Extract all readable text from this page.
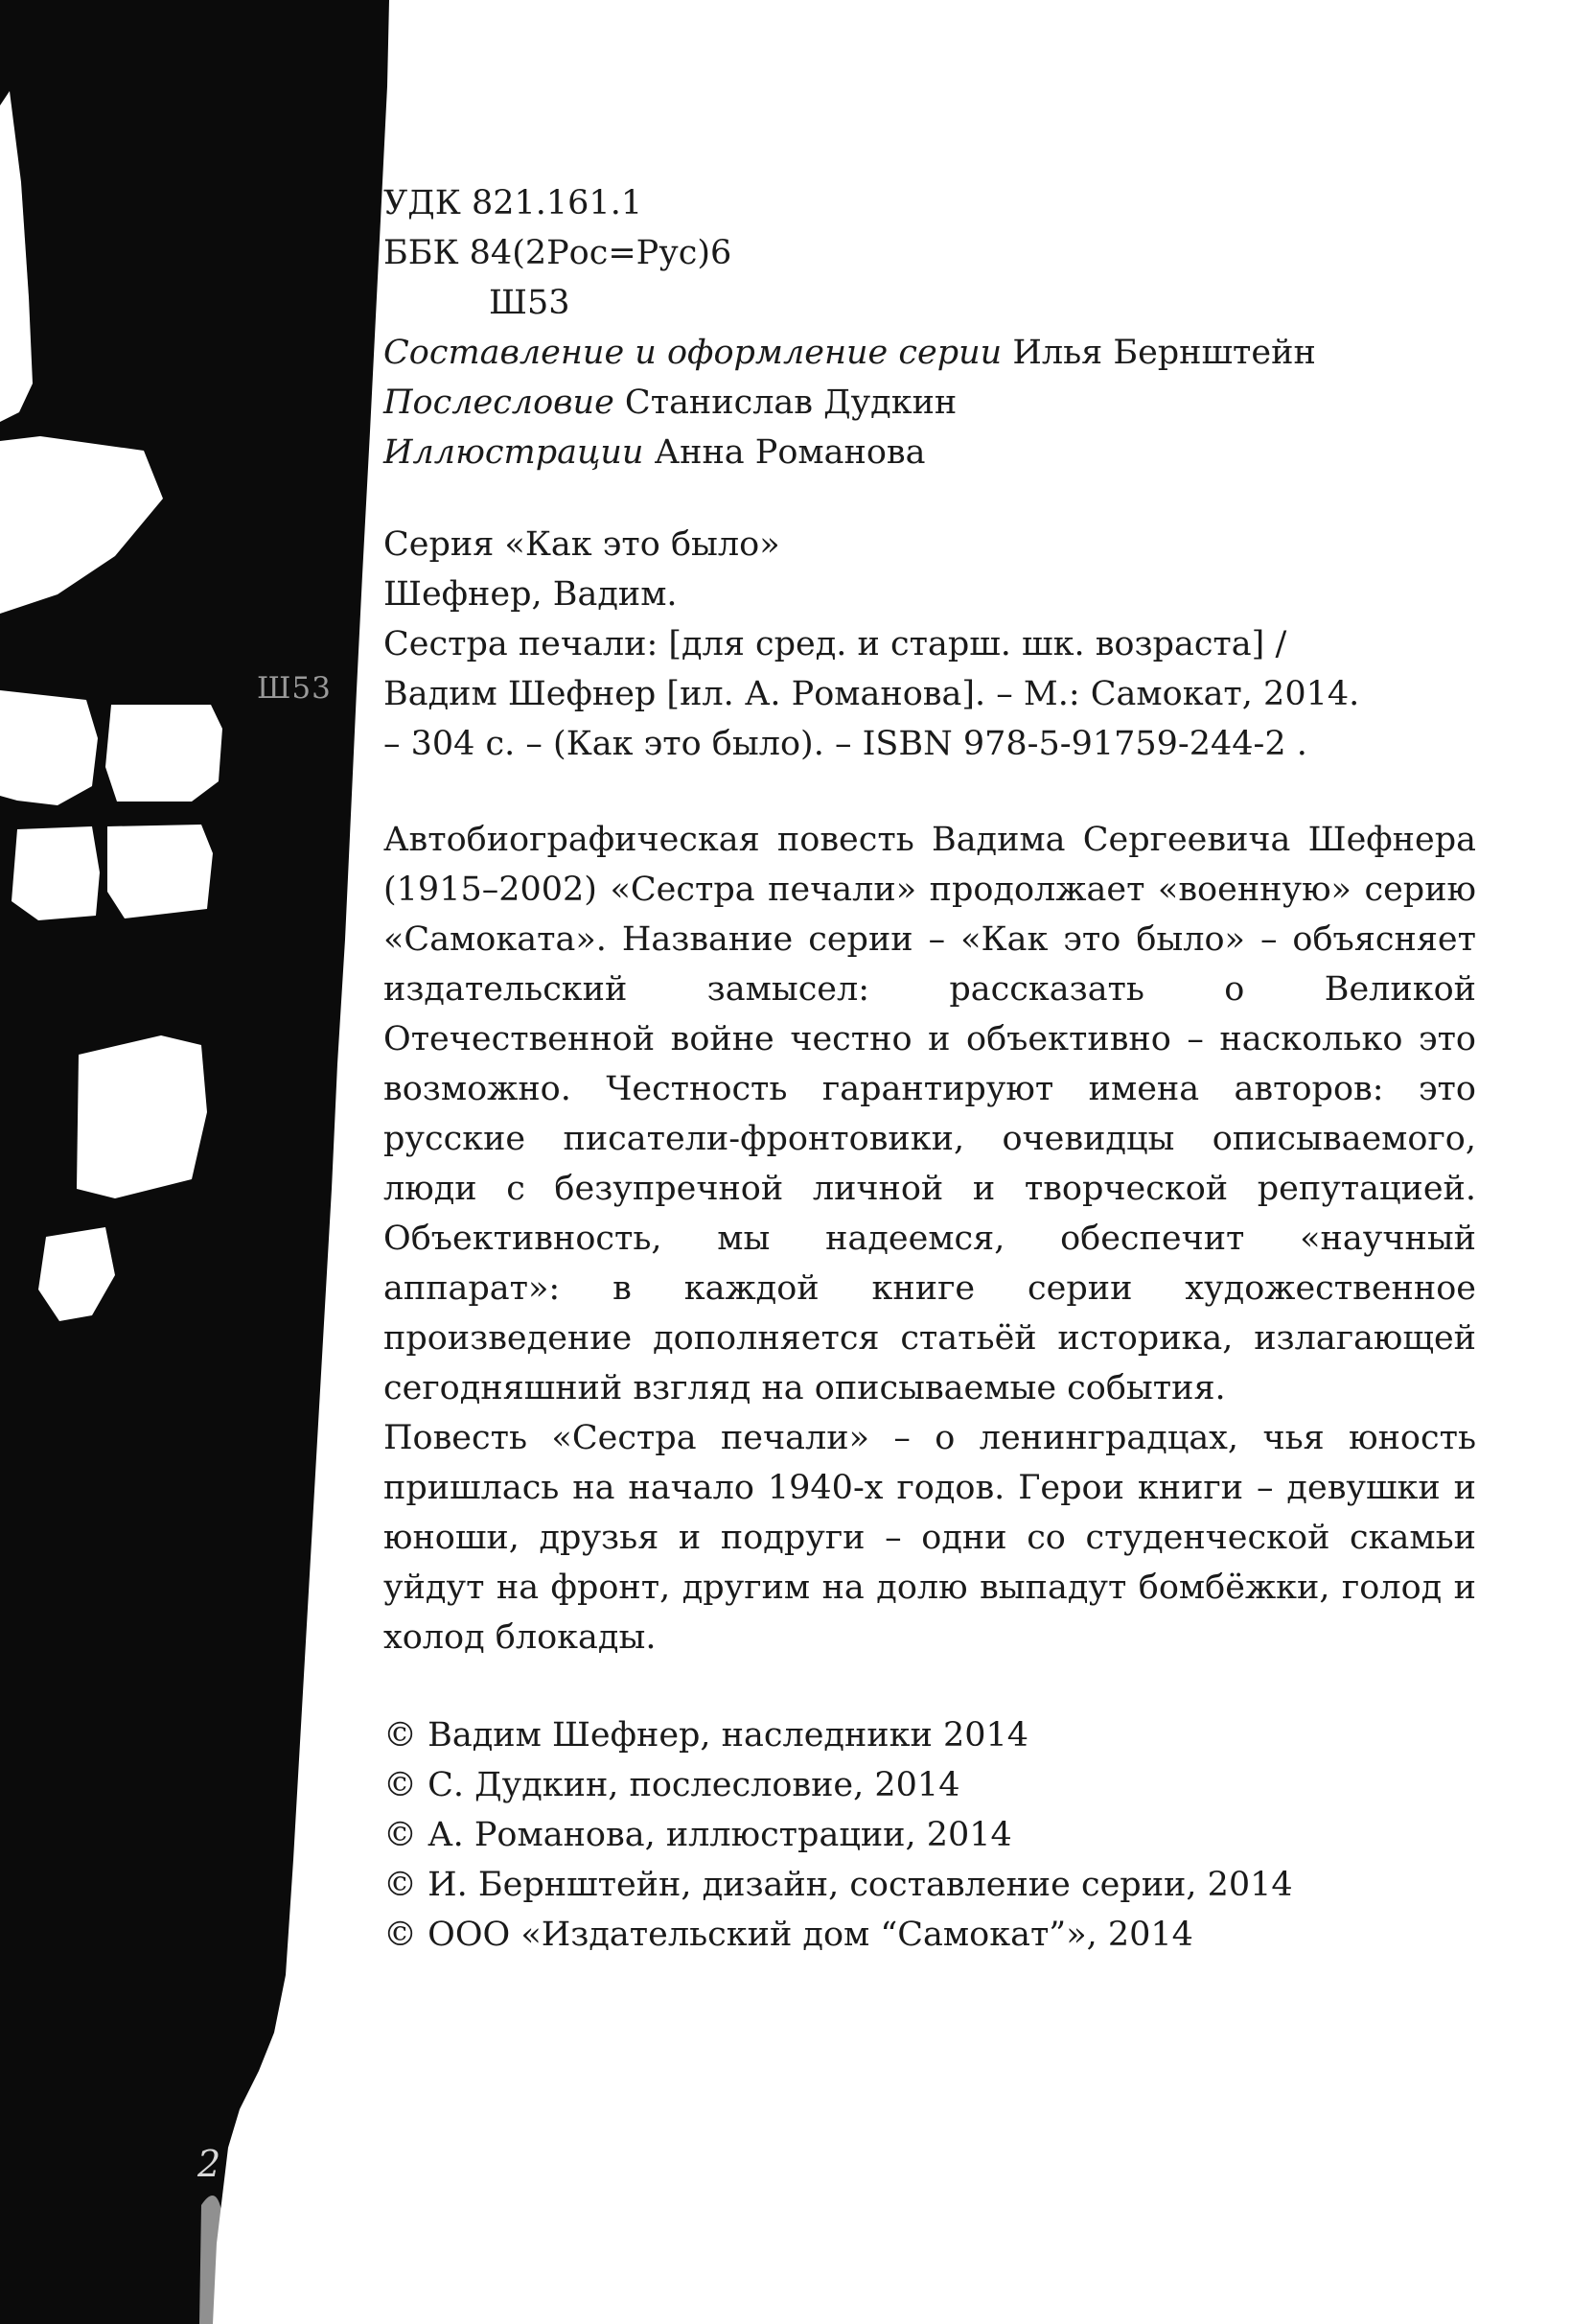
Ш53
УДК 821.161.1
ББК 84(2Рос=Рус)6
Ш53
Составление и оформление серии Илья Бернштейн
Послесловие Станислав Дудкин
Иллюстрации Анна Романова
Серия «Как это было»
Шефнер, Вадим.
Сестра печали: [для сред. и старш. шк. возраста] /
Вадим Шефнер [ил. А. Романова]. – М.: Самокат, 2014.
– 304 с. – (Как это было). – ISBN 978-5-91759-244-2 .
Автобиографическая повесть Вадима Сергеевича Шефнера (1915–2002) «Сестра печали» продолжает «военную» серию «Самоката». Название серии – «Как это было» – объясняет издательский замысел: рассказать о Великой Отечественной войне честно и объективно – насколько это возможно. Честность гарантируют имена авторов: это русские писатели-фронтовики, очевидцы описываемого, люди с безупречной личной и творческой репутацией. Объективность, мы надеемся, обеспечит «научный аппарат»: в каждой книге серии художественное произведение дополняется статьёй историка, излагающей сегодняшний взгляд на описываемые события.
Повесть «Сестра печали» – о ленинградцах, чья юность пришлась на начало 1940-х годов. Герои книги – девушки и юноши, друзья и подруги – одни со студенческой скамьи уйдут на фронт, другим на долю выпадут бомбёжки, голод и холод блокады.
© Вадим Шефнер, наследники 2014
© С. Дудкин, послесловие, 2014
© А. Романова, иллюстрации, 2014
© И. Бернштейн, дизайн, составление серии, 2014
© ООО «Издательский дом “Самокат”», 2014
2
